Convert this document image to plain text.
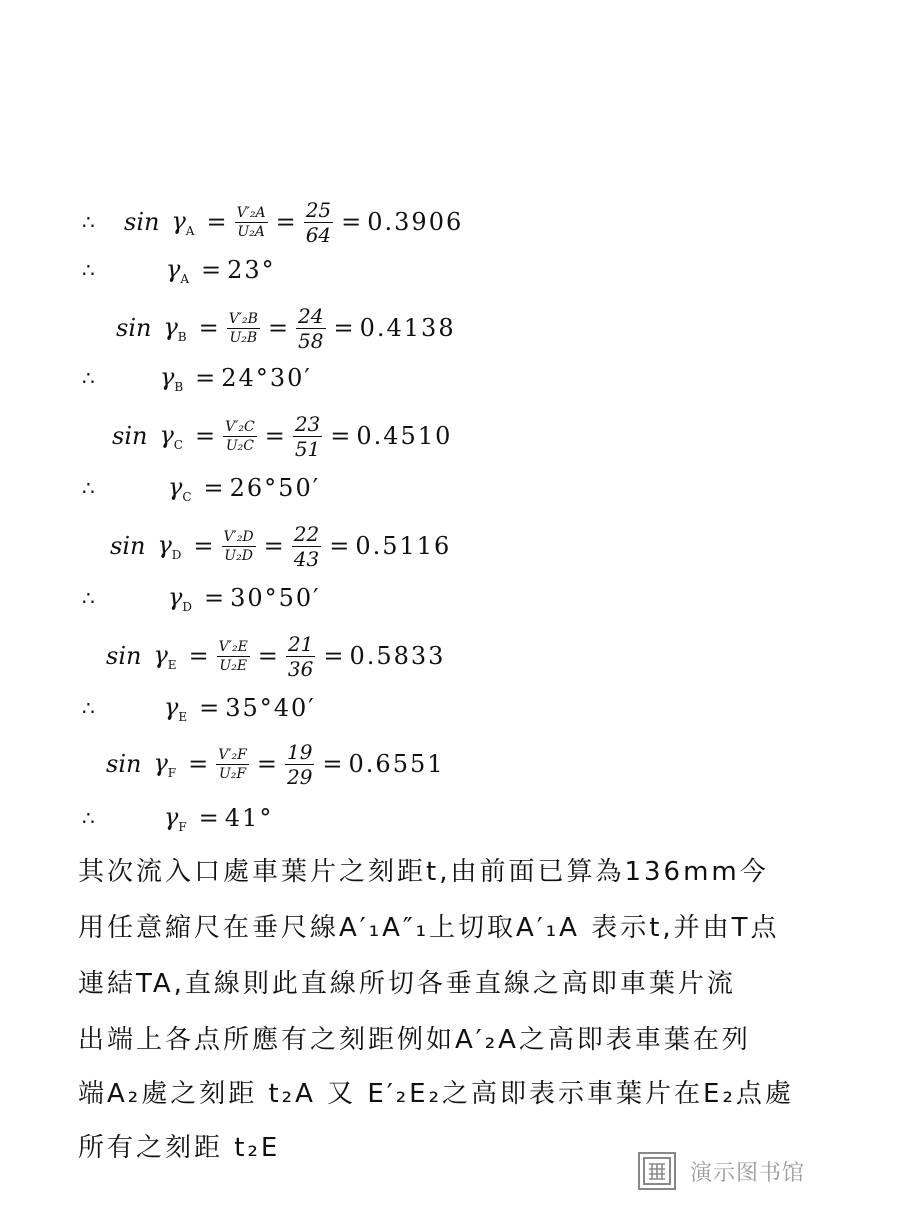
∴	$\sin \gamma_A = \frac{\text{V′₂A}}{\text{U₂A}} = \frac{25}{64} = 0.3906$
∴	$\gamma_A = 23^\circ$
$\sin \gamma_B = \frac{\text{V′₂B}}{\text{U₂B}} = \frac{24}{58} = 0.4138$
∴	$\gamma_B = 24^\circ 30'$
$\sin \gamma_C = \frac{\text{V′₂C}}{\text{U₂C}} = \frac{23}{51} = 0.4510$
∴	$\gamma_C = 26^\circ 50'$
$\sin \gamma_D = \frac{\text{V′₂D}}{\text{U₂D}} = \frac{22}{43} = 0.5116$
∴	$\gamma_D = 30^\circ 50'$
$\sin \gamma_E = \frac{\text{V′₂E}}{\text{U₂E}} = \frac{21}{36} = 0.5833$
∴	$\gamma_E = 35^\circ 40'$
$\sin \gamma_F = \frac{\text{V′₂F}}{\text{U₂F}} = \frac{19}{29} = 0.6551$
∴	$\gamma_F = 41^\circ$
其次流入口處車葉片之刻距t,由前面已算為136mm今
用任意縮尺在垂尺線A′₁A″₁上切取A′₁A 表示t,并由T点
連結TA,直線則此直線所切各垂直線之高即車葉片流
出端上各点所應有之刻距例如A′₂A之高即表車葉在列
端A₂處之刻距 t₂A 又 E′₂E₂之高即表示車葉片在E₂点處
所有之刻距 t₂E
演示图书馆
